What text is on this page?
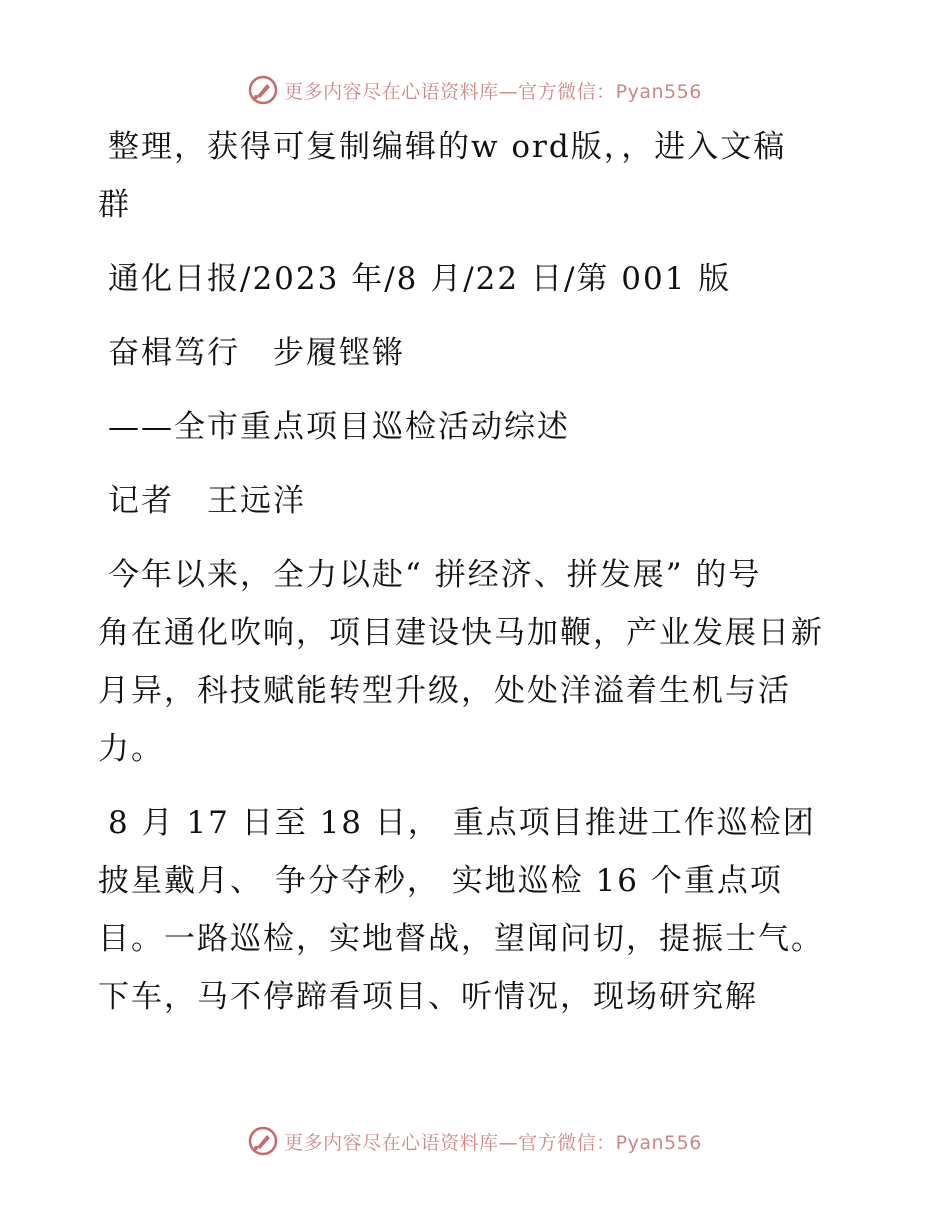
更多内容尽在心语资料库—官方微信：Pyan556
整理，获得可复制编辑的w ord版，，进入文稿
群
通化日报/2023 年/8 月/22 日/第 001 版
奋楫笃行　步履铿锵
——全市重点项目巡检活动综述
记者　王远洋
今年以来，全力以赴“ 拼经济、拼发展” 的号
角在通化吹响，项目建设快马加鞭，产业发展日新
月异，科技赋能转型升级，处处洋溢着生机与活
力。
8 月 17 日至 18 日， 重点项目推进工作巡检团
披星戴月、 争分夺秒， 实地巡检 16 个重点项
目。一路巡检，实地督战，望闻问切，提振士气。
下车，马不停蹄看项目、听情况，现场研究解
更多内容尽在心语资料库—官方微信：Pyan556
